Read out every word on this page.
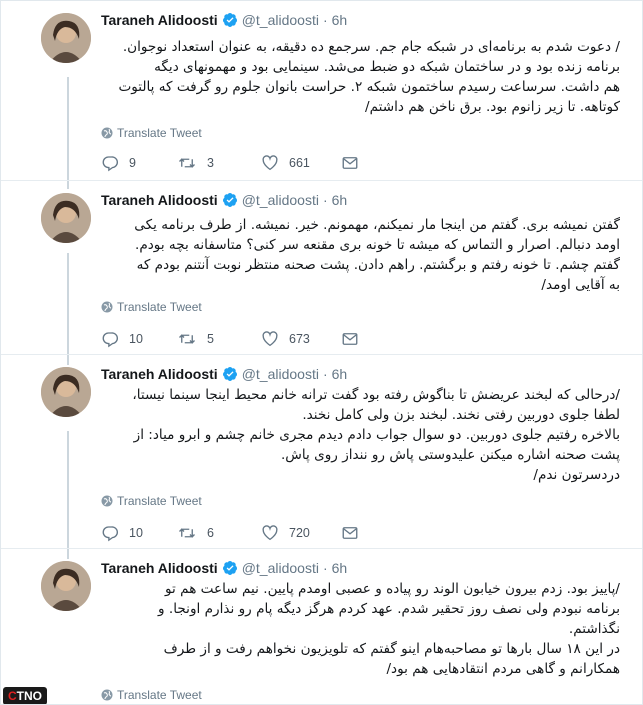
Taraneh Alidoosti @t_alidoosti · 6h
/ دعوت شدم به برنامه‌ای در شبکه جام جم. سرجمع ده دقیقه، به عنوان استعداد نوجوان.
برنامه زنده بود و در ساختمان شبکه دو ضبط می‌شد. سینمایی بود و مهمونهای دیگه
هم داشت. سرساعت رسیدم ساختمون شبکه ۲. حراست بانوان جلوم رو گرفت که پالتوت
کوتاهه. تا زیر زانوم بود. برق ناخن هم داشتم/
Translate Tweet
9	3	661
Taraneh Alidoosti @t_alidoosti · 6h
گفتن نمیشه بری. گفتم من اینجا مار نمیکنم، مهمونم. خیر. نمیشه. از طرف برنامه یکی
اومد دنبالم. اصرار و التماس که میشه تا خونه بری مقنعه سر کنی؟ متاسفانه بچه بودم.
گفتم چشم. تا خونه رفتم و برگشتم. راهم دادن. پشت صحنه منتظر نوبت آنتنم بودم که
به آقایی اومد/
Translate Tweet
10	5	673
Taraneh Alidoosti @t_alidoosti · 6h
/درحالی که لبخند عریضش تا بناگوش رفته بود گفت ترانه خانم محیط اینجا سینما نیستا،
لطفا جلوی دوربین رفتی نخند. لبخند بزن ولی کامل نخند.
بالاخره رفتیم جلوی دوربین. دو سوال جواب دادم دیدم مجری خانم چشم و ابرو میاد: از
پشت صحنه اشاره میکنن علیدوستی پاش رو ننداز روی پاش.
دردسرتون ندم/
Translate Tweet
10	6	720
Taraneh Alidoosti @t_alidoosti · 6h
/پاییز بود. زدم بیرون خیابون الوند رو پیاده و عصبی اومدم پایین. نیم ساعت هم تو
برنامه نبودم ولی نصف روز تحقیر شدم. عهد کردم هرگز دیگه پام رو نذارم اونجا. و
نگذاشتم.
در این ۱۸ سال بارها تو مصاحبه‌هام اینو گفتم که تلویزیون نخواهم رفت و از طرف
همکارانم و گاهی مردم انتقادهایی هم بود/
Translate Tweet
C TNO
